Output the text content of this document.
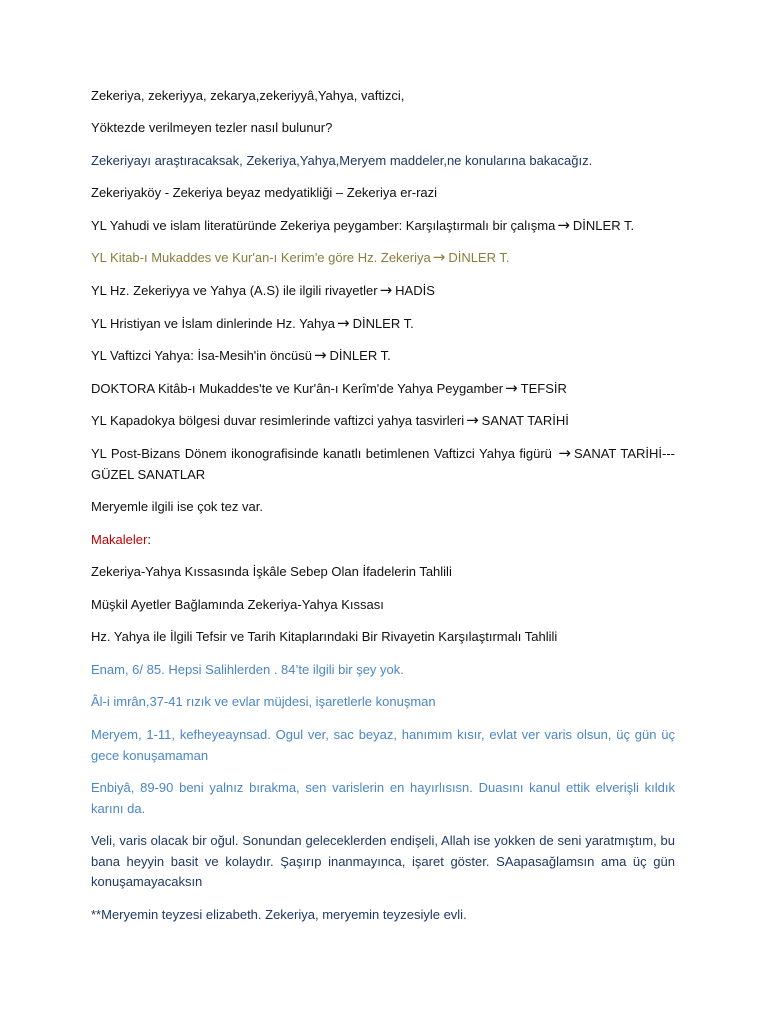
Zekeriya, zekeriyya, zekarya,zekeriyyâ,Yahya, vaftizci,

Yöktezde verilmeyen tezler nasıl bulunur?

Zekeriyayı araştıracaksak, Zekeriya,Yahya,Meryem maddeler,ne konularına bakacağız.

Zekeriyaköy - Zekeriya beyaz medyatikliği – Zekeriya er-razi

YL Yahudi ve islam literatüründe Zekeriya peygamber: Karşılaştırmalı bir çalışma → DİNLER T.

YL Kitab-ı Mukaddes ve Kur'an-ı Kerim'e göre Hz. Zekeriya → DİNLER T.

YL Hz. Zekeriyya ve Yahya (A.S) ile ilgili rivayetler → HADİS

YL Hristiyan ve İslam dinlerinde Hz. Yahya → DİNLER T.

YL Vaftizci Yahya: İsa-Mesih'in öncüsü → DİNLER T.

DOKTORA Kitâb-ı Mukaddes'te ve Kur'ân-ı Kerîm'de Yahya Peygamber → TEFSİR

YL Kapadokya bölgesi duvar resimlerinde vaftizci yahya tasvirleri → SANAT TARİHİ

YL Post-Bizans Dönem ikonografisinde kanatlı betimlenen Vaftizci Yahya figürü → SANAT TARİHİ--- GÜZEL SANATLAR

Meryemle ilgili ise çok tez var.

Makaleler:

Zekeriya-Yahya Kıssasında İşkâle Sebep Olan İfadelerin Tahlili

Müşkil Ayetler Bağlamında Zekeriya-Yahya Kıssası

Hz. Yahya ile İlgili Tefsir ve Tarih Kitaplarındaki Bir Rivayetin Karşılaştırmalı Tahlili

Enam, 6/ 85. Hepsi Salihlerden . 84’te ilgili bir şey yok.

Âl-i imrân,37-41 rızık ve evlar müjdesi, işaretlerle konuşman

Meryem, 1-11, kefheyeaynsad. Ogul ver, sac beyaz, hanımım kısır, evlat ver varis olsun, üç gün üç gece konuşamaman

Enbiyâ, 89-90 beni yalnız bırakma, sen varislerin en hayırlısısn. Duasını kanul ettik elverişli kıldık karını da.

Veli, varis olacak bir oğul. Sonundan geleceklerden endişeli, Allah ise yokken de seni yaratmıştım, bu bana heyyin basit ve kolaydır. Şaşırıp inanmayınca, işaret göster. SAapasağlamsın ama üç gün konuşamayacaksın

**Meryemin teyzesi elizabeth. Zekeriya, meryemin teyzesiyle evli.
